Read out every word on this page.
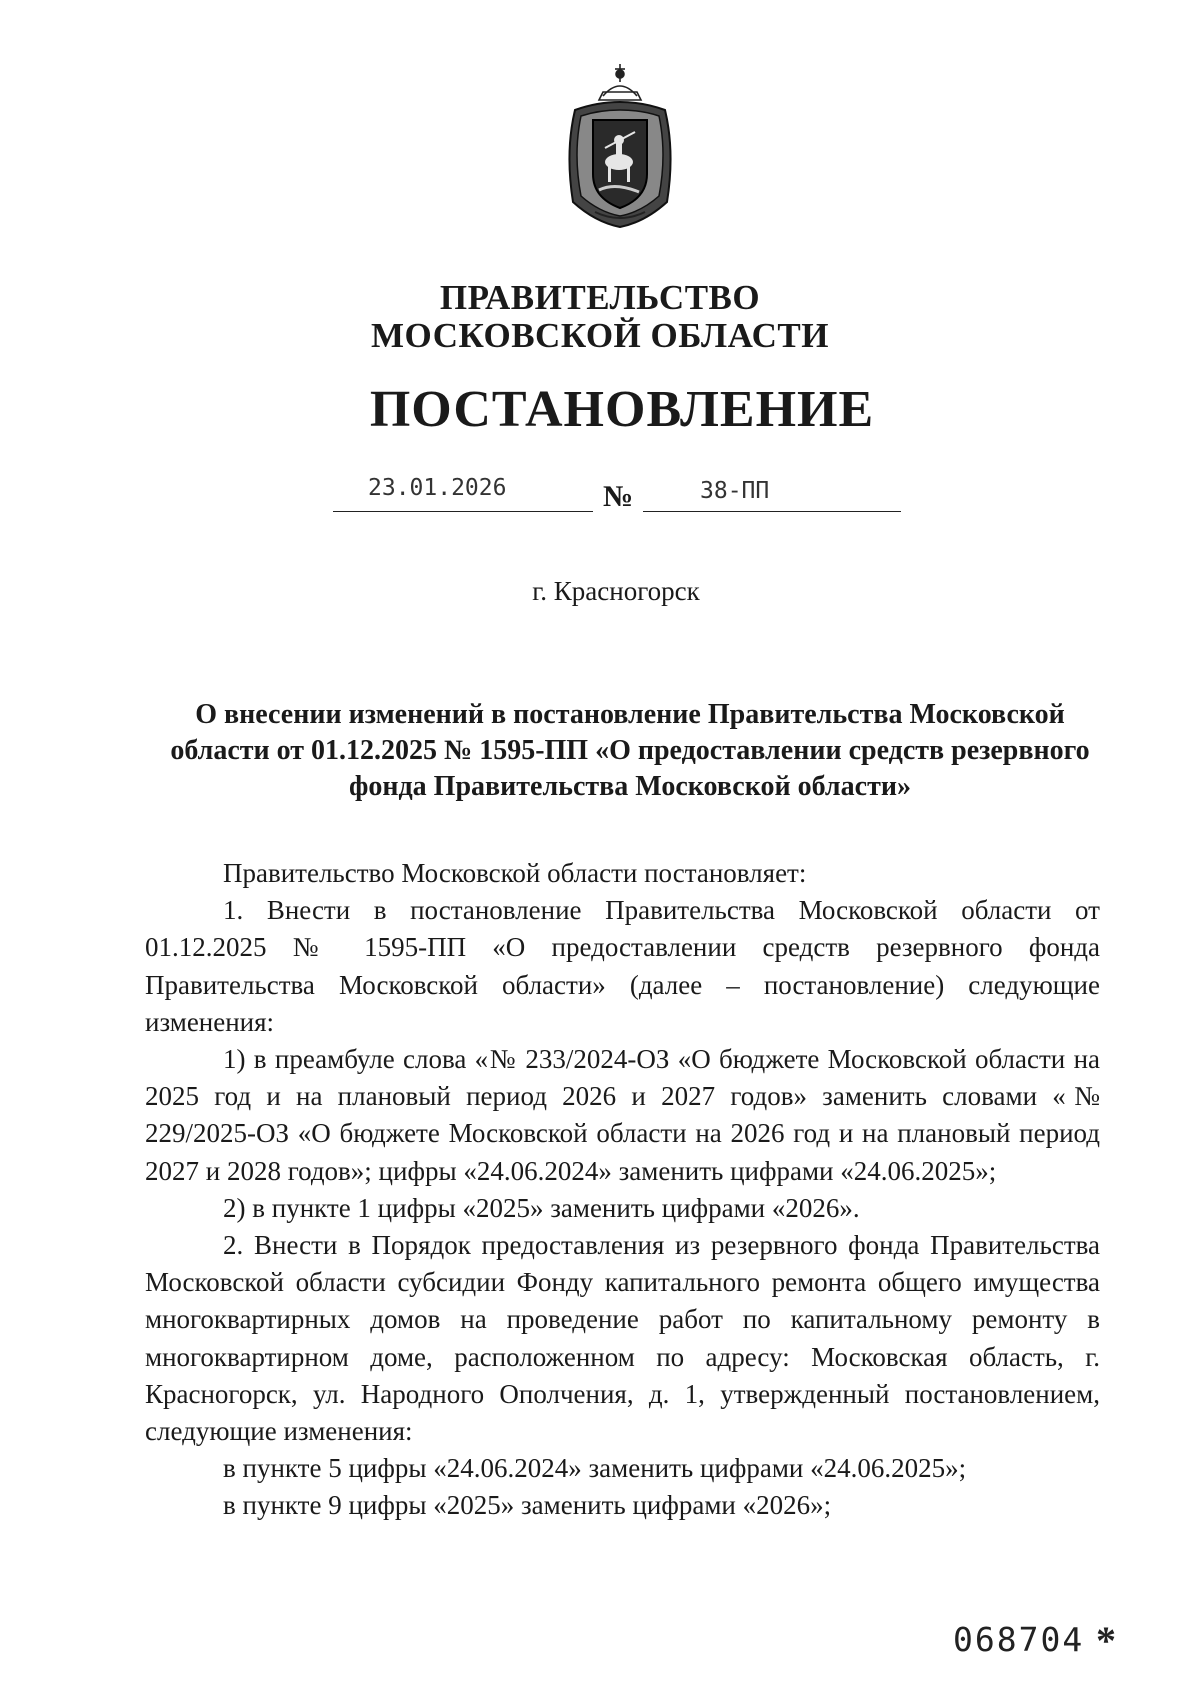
ПРАВИТЕЛЬСТВО
МОСКОВСКОЙ ОБЛАСТИ
ПОСТАНОВЛЕНИЕ
23.01.2026	№	38-ПП
г. Красногорск
О внесении изменений в постановление Правительства Московской области от 01.12.2025 № 1595-ПП «О предоставлении средств резервного фонда Правительства Московской области»

Правительство Московской области постановляет:

1. Внести в постановление Правительства Московской области от 01.12.2025 № 1595-ПП «О предоставлении средств резервного фонда Правительства Московской области» (далее – постановление) следующие изменения:

1) в преамбуле слова «№ 233/2024-ОЗ «О бюджете Московской области на 2025 год и на плановый период 2026 и 2027 годов» заменить словами «№ 229/2025-ОЗ «О бюджете Московской области на 2026 год и на плановый период 2027 и 2028 годов»; цифры «24.06.2024» заменить цифрами «24.06.2025»;

2) в пункте 1 цифры «2025» заменить цифрами «2026».

2. Внести в Порядок предоставления из резервного фонда Правительства Московской области субсидии Фонду капитального ремонта общего имущества многоквартирных домов на проведение работ по капитальному ремонту в многоквартирном доме, расположенном по адресу: Московская область, г. Красногорск, ул. Народного Ополчения, д. 1, утвержденный постановлением, следующие изменения:

в пункте 5 цифры «24.06.2024» заменить цифрами «24.06.2025»;

в пункте 9 цифры «2025» заменить цифрами «2026»;

068704 *
